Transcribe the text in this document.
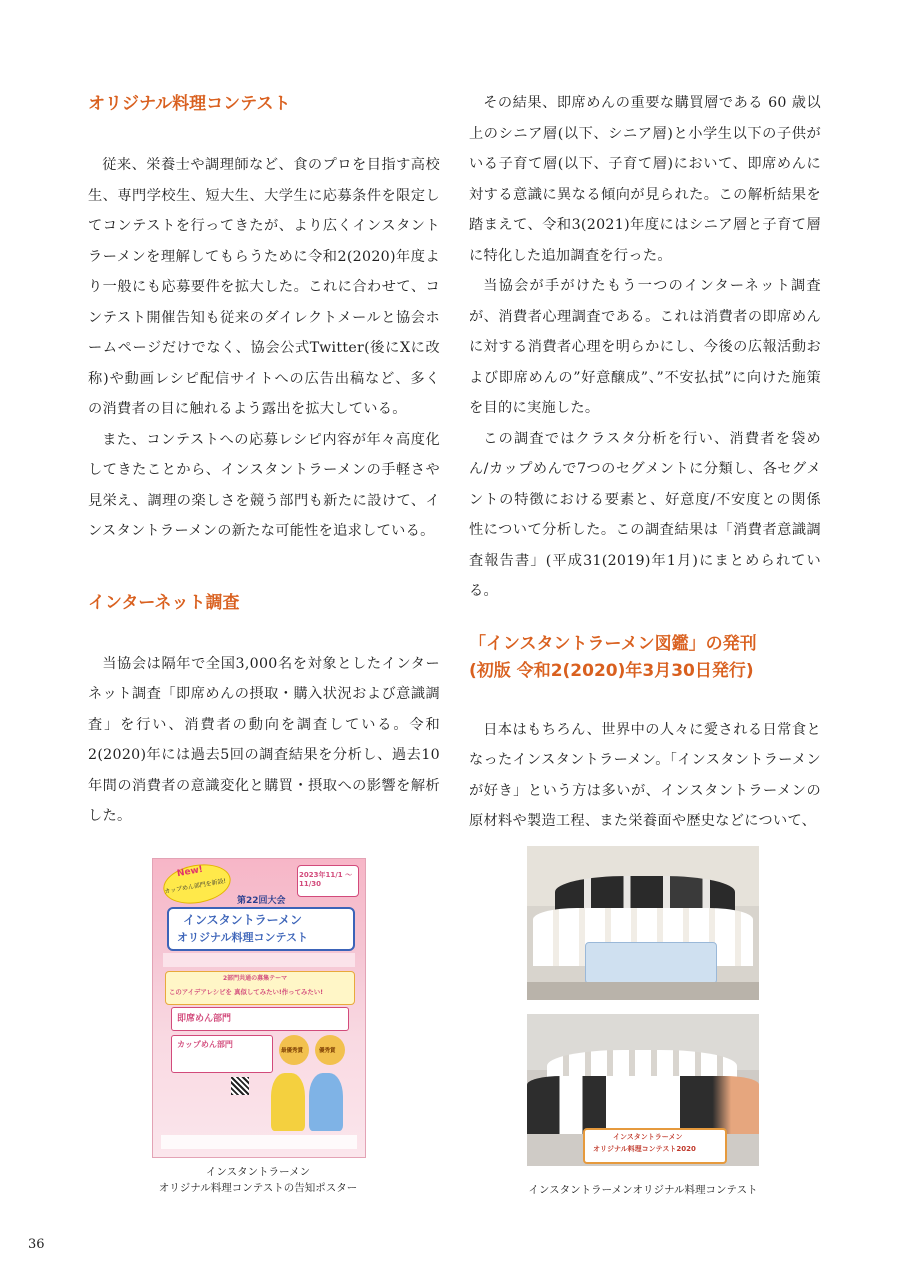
オリジナル料理コンテスト

従来、栄養士や調理師など、食のプロを目指す高校生、専門学校生、短大生、大学生に応募条件を限定してコンテストを行ってきたが、より広くインスタントラーメンを理解してもらうために令和2(2020)年度より一般にも応募要件を拡大した。これに合わせて、コンテスト開催告知も従来のダイレクトメールと協会ホームページだけでなく、協会公式Twitter(後にXに改称)や動画レシピ配信サイトへの広告出稿など、多くの消費者の目に触れるよう露出を拡大している。

また、コンテストへの応募レシピ内容が年々高度化してきたことから、インスタントラーメンの手軽さや見栄え、調理の楽しさを競う部門も新たに設けて、インスタントラーメンの新たな可能性を追求している。

インターネット調査

当協会は隔年で全国3,000名を対象としたインターネット調査「即席めんの摂取・購入状況および意識調査」を行い、消費者の動向を調査している。令和2(2020)年には過去5回の調査結果を分析し、過去10年間の消費者の意識変化と購買・摂取への影響を解析した。

その結果、即席めんの重要な購買層である 60 歳以上のシニア層(以下、シニア層)と小学生以下の子供がいる子育て層(以下、子育て層)において、即席めんに対する意識に異なる傾向が見られた。この解析結果を踏まえて、令和3(2021)年度にはシニア層と子育て層に特化した追加調査を行った。

当協会が手がけたもう一つのインターネット調査が、消費者心理調査である。これは消費者の即席めんに対する消費者心理を明らかにし、今後の広報活動および即席めんの”好意醸成”、”不安払拭”に向けた施策を目的に実施した。

この調査ではクラスタ分析を行い、消費者を袋めん/カップめんで7つのセグメントに分類し、各セグメントの特徴における要素と、好意度/不安度との関係性について分析した。この調査結果は「消費者意識調査報告書」(平成31(2019)年1月)にまとめられている。

「インスタントラーメン図鑑」の発刊
(初版 令和2(2020)年3月30日発行)

日本はもちろん、世界中の人々に愛される日常食となったインスタントラーメン。「インスタントラーメンが好き」という方は多いが、インスタントラーメンの原材料や製造工程、また栄養面や歴史などについて、

New!
カップめん部門を新設!
2023年11/1 〜11/30
第22回大会
インスタントラーメン
オリジナル料理コンテスト
2部門共通の募集テーマ
このアイデアレシピを 真似してみたい!作ってみたい!
即席めん部門
カップめん部門
最優秀賞	優秀賞
インスタントラーメン
オリジナル料理コンテスト2020
インスタントラーメン
オリジナル料理コンテストの告知ポスター	インスタントラーメンオリジナル料理コンテスト
36
